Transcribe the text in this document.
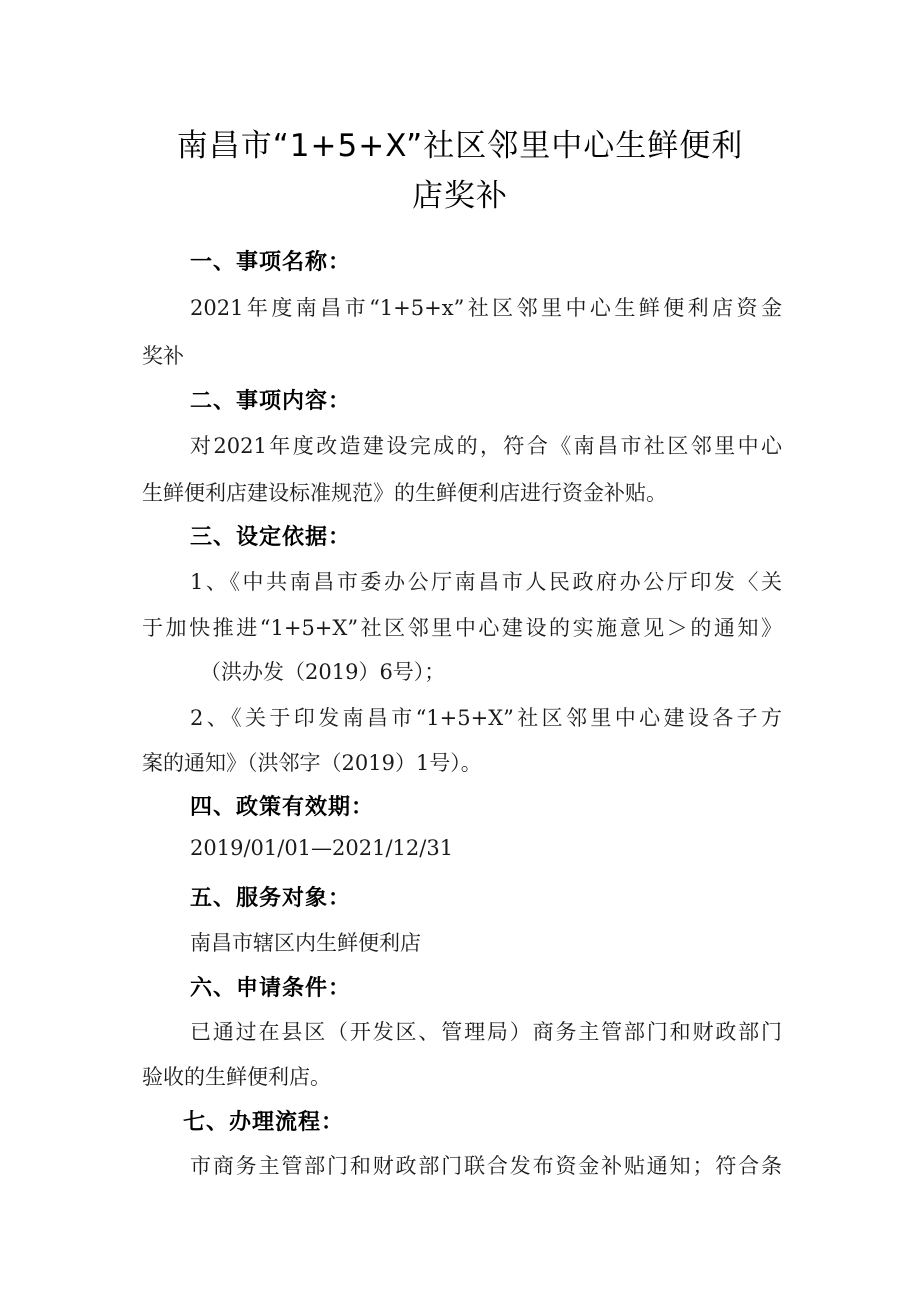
南昌市“1+5+X”社区邻里中心生鲜便利
店奖补
一、事项名称：
2021年度南昌市“1+5+x”社区邻里中心生鲜便利店资金
奖补
二、事项内容：
对2021年度改造建设完成的，符合《南昌市社区邻里中心
生鲜便利店建设标准规范》的生鲜便利店进行资金补贴。
三、设定依据：
1、《中共南昌市委办公厅南昌市人民政府办公厅印发〈关
于加快推进“1+5+X”社区邻里中心建设的实施意见＞的通知》
（洪办发（2019）6号）；
2、《关于印发南昌市“1+5+X”社区邻里中心建设各子方
案的通知》（洪邻字（2019）1号）。
四、政策有效期：
2019/01/01—2021/12/31
五、服务对象：
南昌市辖区内生鲜便利店
六、申请条件：
已通过在县区（开发区、管理局）商务主管部门和财政部门
验收的生鲜便利店。
七、办理流程：
市商务主管部门和财政部门联合发布资金补贴通知；符合条
